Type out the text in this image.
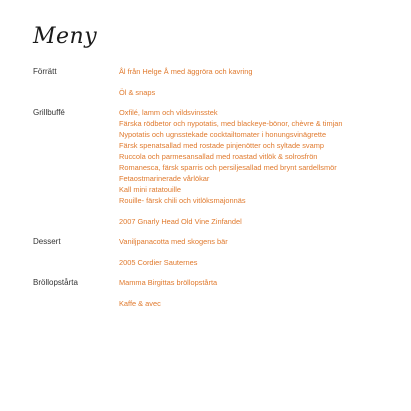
Meny
Förrätt	Ål från Helge Å med äggröra och kavring
Öl & snaps
Grillbuffé	Oxfilé, lamm och vildsvinsstek
Färska rödbetor och nypotatis, med blackeye-bönor, chèvre & timjan
Nypotatis och ugnsstekade cocktailtomater i honungsvinägrette
Färsk spenatsallad med rostade pinjenötter och syltade svamp
Ruccola och parmesansallad med roastad vitlök & solrosfrön
Romanesca, färsk sparris och persiljesallad med brynt sardellsmör
Fetaostmarinerade vårlökar
Kall mini ratatouille
Rouille- färsk chili och vitlöksmajonnäs
2007 Gnarly Head Old Vine Zinfandel
Dessert	Vaniljpanacotta med skogens bär
2005 Cordier Sauternes
Bröllopstårta	Mamma Birgittas bröllopstårta
Kaffe & avec
